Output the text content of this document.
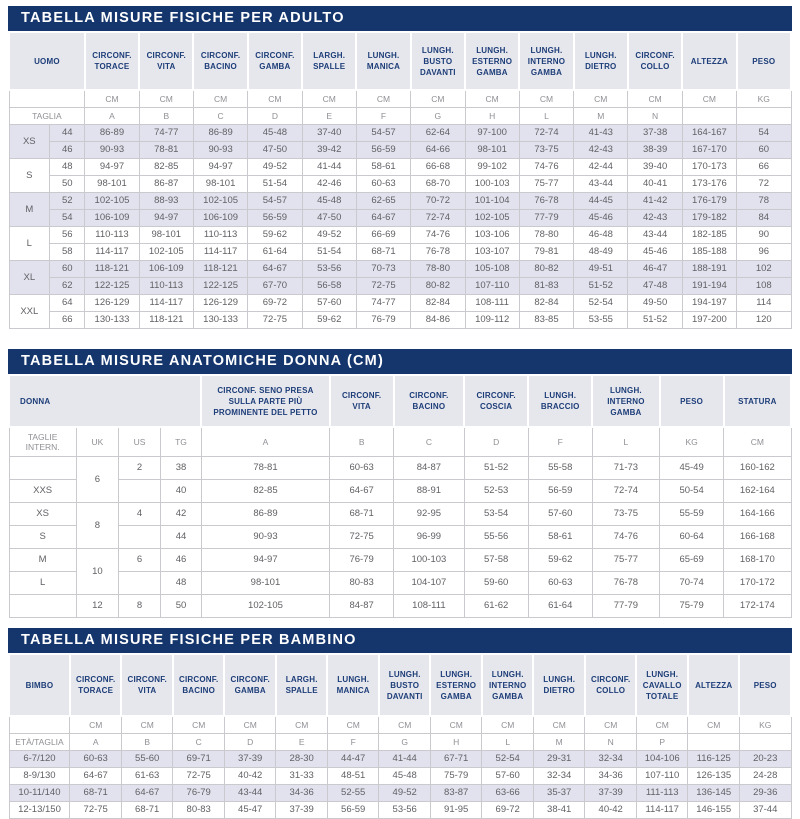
TABELLA MISURE FISICHE PER ADULTO
UOMO		CIRCONF. TORACE	CIRCONF. VITA	CIRCONF. BACINO	CIRCONF. GAMBA	LARGH. SPALLE	LUNGH. MANICA	LUNGH. BUSTO DAVANTI	LUNGH. ESTERNO GAMBA	LUNGH. INTERNO GAMBA	LUNGH. DIETRO	CIRCONF. COLLO	ALTEZZA	PESO
		CM	CM	CM	CM	CM	CM	CM	CM	CM	CM	CM	CM	KG
TAGLIA		A	B	C	D	E	F	G	H	L	M	N		
XS	44	86-89	74-77	86-89	45-48	37-40	54-57	62-64	97-100	72-74	41-43	37-38	164-167	54
	46	90-93	78-81	90-93	47-50	39-42	56-59	64-66	98-101	73-75	42-43	38-39	167-170	60
S	48	94-97	82-85	94-97	49-52	41-44	58-61	66-68	99-102	74-76	42-44	39-40	170-173	66
	50	98-101	86-87	98-101	51-54	42-46	60-63	68-70	100-103	75-77	43-44	40-41	173-176	72
M	52	102-105	88-93	102-105	54-57	45-48	62-65	70-72	101-104	76-78	44-45	41-42	176-179	78
	54	106-109	94-97	106-109	56-59	47-50	64-67	72-74	102-105	77-79	45-46	42-43	179-182	84
L	56	110-113	98-101	110-113	59-62	49-52	66-69	74-76	103-106	78-80	46-48	43-44	182-185	90
	58	114-117	102-105	114-117	61-64	51-54	68-71	76-78	103-107	79-81	48-49	45-46	185-188	96
XL	60	118-121	106-109	118-121	64-67	53-56	70-73	78-80	105-108	80-82	49-51	46-47	188-191	102
	62	122-125	110-113	122-125	67-70	56-58	72-75	80-82	107-110	81-83	51-52	47-48	191-194	108
XXL	64	126-129	114-117	126-129	69-72	57-60	74-77	82-84	108-111	82-84	52-54	49-50	194-197	114
	66	130-133	118-121	130-133	72-75	59-62	76-79	84-86	109-112	83-85	53-55	51-52	197-200	120
TABELLA MISURE ANATOMICHE DONNA (CM)
DONNA				CIRCONF. SENO PRESA SULLA PARTE PIÙ PROMINENTE DEL PETTO	CIRCONF. VITA	CIRCONF. BACINO	CIRCONF. COSCIA	LUNGH. BRACCIO	LUNGH. INTERNO GAMBA	PESO	STATURA
TAGLIE INTERN.	UK	US	TG	A	B	C	D	F	L	KG	CM
	6	2	38	78-81	60-63	84-87	51-52	55-58	71-73	45-49	160-162
XXS			40	82-85	64-67	88-91	52-53	56-59	72-74	50-54	162-164
XS	8	4	42	86-89	68-71	92-95	53-54	57-60	73-75	55-59	164-166
S			44	90-93	72-75	96-99	55-56	58-61	74-76	60-64	166-168
M	10	6	46	94-97	76-79	100-103	57-58	59-62	75-77	65-69	168-170
L			48	98-101	80-83	104-107	59-60	60-63	76-78	70-74	170-172
	12	8	50	102-105	84-87	108-111	61-62	61-64	77-79	75-79	172-174
TABELLA MISURE FISICHE PER BAMBINO
BIMBO	CIRCONF. TORACE	CIRCONF. VITA	CIRCONF. BACINO	CIRCONF. GAMBA	LARGH. SPALLE	LUNGH. MANICA	LUNGH. BUSTO DAVANTI	LUNGH. ESTERNO GAMBA	LUNGH. INTERNO GAMBA	LUNGH. DIETRO	CIRCONF. COLLO	LUNGH. CAVALLO TOTALE	ALTEZZA	PESO
	CM	CM	CM	CM	CM	CM	CM	CM	CM	CM	CM	CM	CM	KG
ETÀ/TAGLIA	A	B	C	D	E	F	G	H	L	M	N	P		
6-7/120	60-63	55-60	69-71	37-39	28-30	44-47	41-44	67-71	52-54	29-31	32-34	104-106	116-125	20-23
8-9/130	64-67	61-63	72-75	40-42	31-33	48-51	45-48	75-79	57-60	32-34	34-36	107-110	126-135	24-28
10-11/140	68-71	64-67	76-79	43-44	34-36	52-55	49-52	83-87	63-66	35-37	37-39	111-113	136-145	29-36
12-13/150	72-75	68-71	80-83	45-47	37-39	56-59	53-56	91-95	69-72	38-41	40-42	114-117	146-155	37-44
